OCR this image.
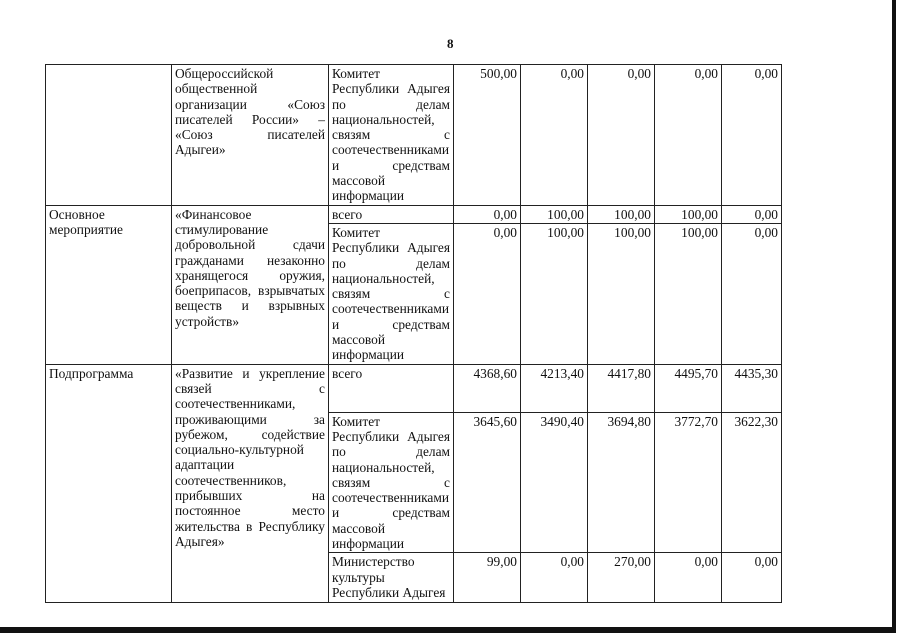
8
	Общероссийской общественной организации «Союз писателей России» – «Союз писателей Адыгеи»	Комитет Республики Адыгея по делам национальностей, связям с соотечественниками и средствам массовой информации	500,00	0,00	0,00	0,00	0,00
Основное мероприятие	«Финансовое стимулирование добровольной сдачи гражданами незаконно хранящегося оружия, боеприпасов, взрывчатых веществ и взрывных устройств»	всего	0,00	100,00	100,00	100,00	0,00
		Комитет Республики Адыгея по делам национальностей, связям с соотечественниками и средствам массовой информации	0,00	100,00	100,00	100,00	0,00
Подпрограмма	«Развитие и укрепление связей с соотечественниками, проживающими за рубежом, содействие социально-культурной адаптации соотечественников, прибывших на постоянное место жительства в Республику Адыгея»	всего	4368,60	4213,40	4417,80	4495,70	4435,30
		Комитет Республики Адыгея по делам национальностей, связям с соотечественниками и средствам массовой информации	3645,60	3490,40	3694,80	3772,70	3622,30
		Министерство культуры Республики Адыгея	99,00	0,00	270,00	0,00	0,00
